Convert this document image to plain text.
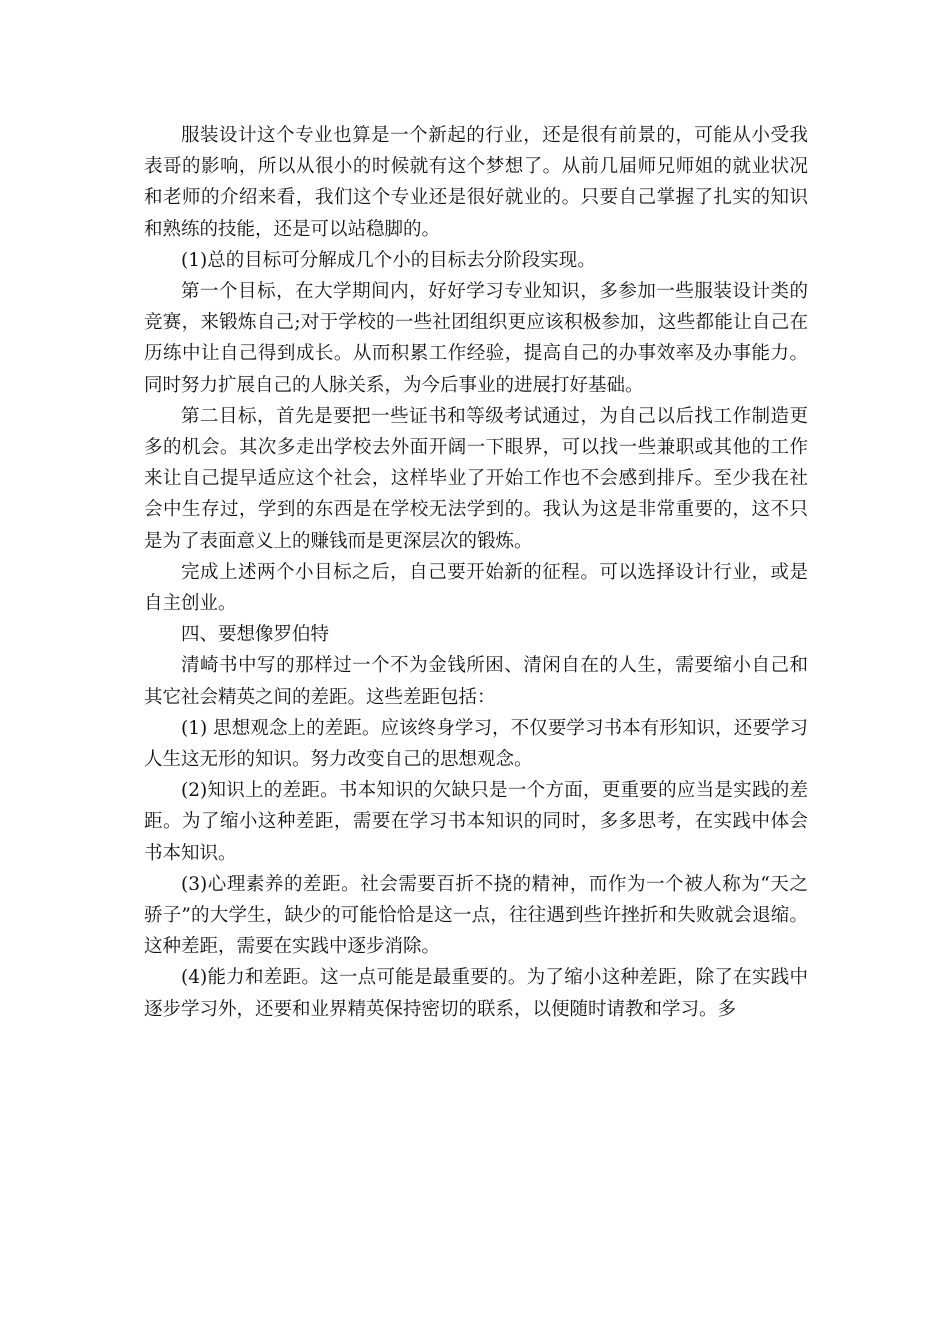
服装设计这个专业也算是一个新起的行业，还是很有前景的，可能从小受我表哥的影响，所以从很小的时候就有这个梦想了。从前几届师兄师姐的就业状况和老师的介绍来看，我们这个专业还是很好就业的。只要自己掌握了扎实的知识和熟练的技能，还是可以站稳脚的。

(1)总的目标可分解成几个小的目标去分阶段实现。

第一个目标，在大学期间内，好好学习专业知识，多参加一些服装设计类的竞赛，来锻炼自己;对于学校的一些社团组织更应该积极参加，这些都能让自己在历练中让自己得到成长。从而积累工作经验，提高自己的办事效率及办事能力。同时努力扩展自己的人脉关系，为今后事业的进展打好基础。

第二目标，首先是要把一些证书和等级考试通过，为自己以后找工作制造更多的机会。其次多走出学校去外面开阔一下眼界，可以找一些兼职或其他的工作来让自己提早适应这个社会，这样毕业了开始工作也不会感到排斥。至少我在社会中生存过，学到的东西是在学校无法学到的。我认为这是非常重要的，这不只是为了表面意义上的赚钱而是更深层次的锻炼。

完成上述两个小目标之后，自己要开始新的征程。可以选择设计行业，或是自主创业。

四、要想像罗伯特

清崎书中写的那样过一个不为金钱所困、清闲自在的人生，需要缩小自己和其它社会精英之间的差距。这些差距包括：

(1) 思想观念上的差距。应该终身学习，不仅要学习书本有形知识，还要学习人生这无形的知识。努力改变自己的思想观念。

(2)知识上的差距。书本知识的欠缺只是一个方面，更重要的应当是实践的差距。为了缩小这种差距，需要在学习书本知识的同时，多多思考，在实践中体会书本知识。

(3)心理素养的差距。社会需要百折不挠的精神，而作为一个被人称为“天之骄子”的大学生，缺少的可能恰恰是这一点，往往遇到些许挫折和失败就会退缩。这种差距，需要在实践中逐步消除。

(4)能力和差距。这一点可能是最重要的。为了缩小这种差距，除了在实践中逐步学习外，还要和业界精英保持密切的联系，以便随时请教和学习。多
